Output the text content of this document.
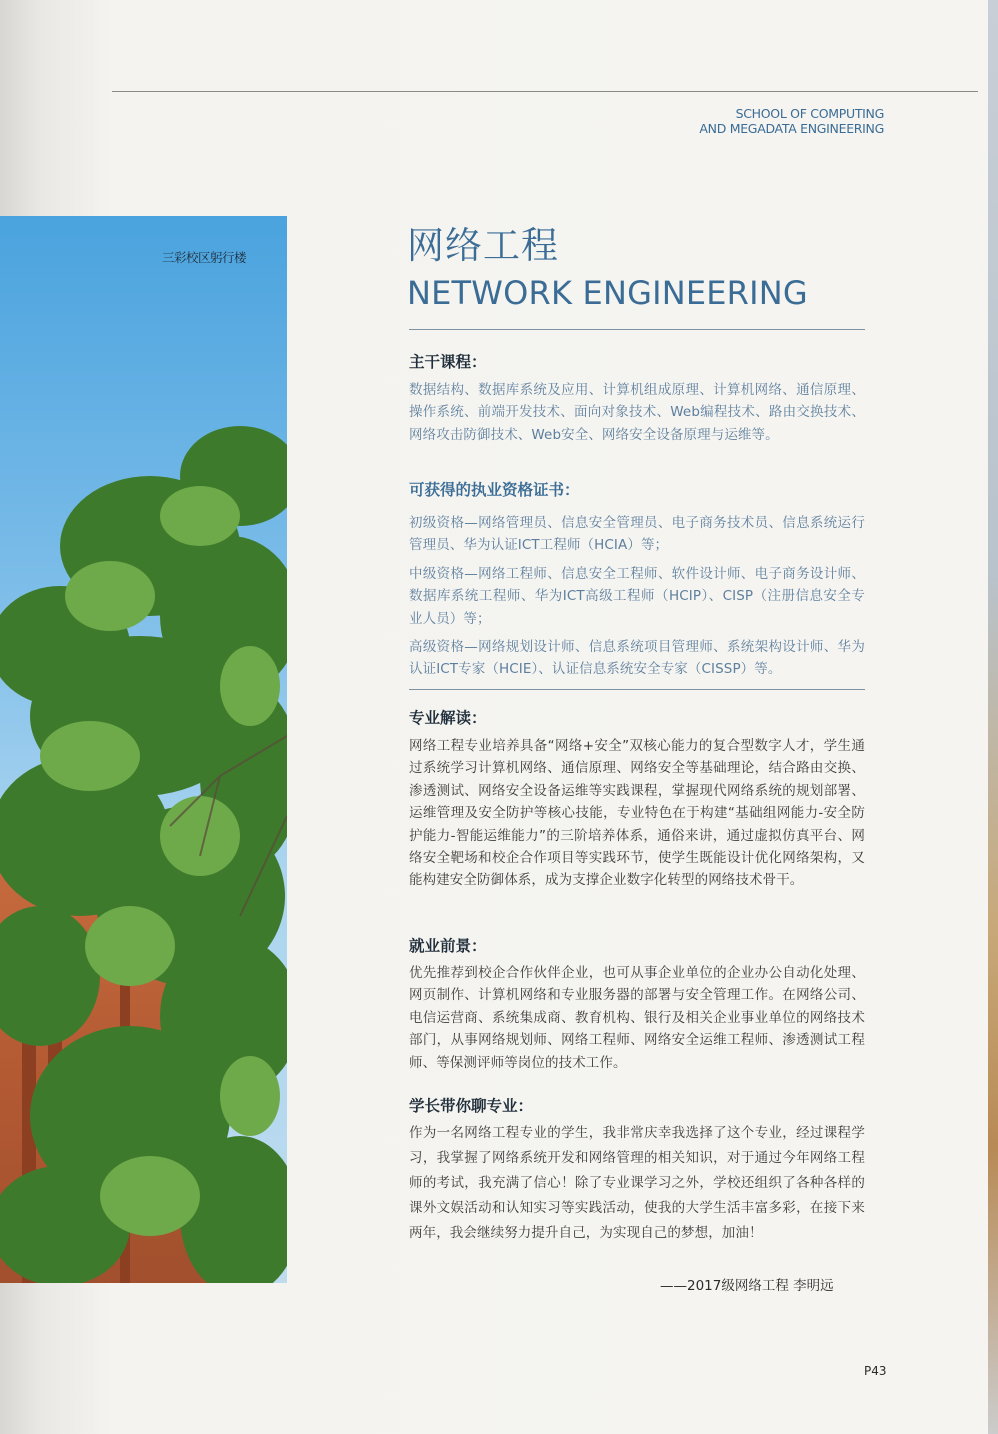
SCHOOL OF COMPUTING
AND MEGADATA ENGINEERING
三彩校区躬行楼	网络工程
NETWORK ENGINEERING
主干课程：
数据结构、数据库系统及应用、计算机组成原理、计算机网络、通信原理、操作系统、前端开发技术、面向对象技术、Web编程技术、路由交换技术、网络攻击防御技术、Web安全、网络安全设备原理与运维等。
可获得的执业资格证书：
初级资格—网络管理员、信息安全管理员、电子商务技术员、信息系统运行管理员、华为认证ICT工程师（HCIA）等；
中级资格—网络工程师、信息安全工程师、软件设计师、电子商务设计师、数据库系统工程师、华为ICT高级工程师（HCIP）、CISP（注册信息安全专业人员）等；
高级资格—网络规划设计师、信息系统项目管理师、系统架构设计师、华为认证ICT专家（HCIE）、认证信息系统安全专家（CISSP）等。
专业解读：
网络工程专业培养具备“网络+安全”双核心能力的复合型数字人才，学生通过系统学习计算机网络、通信原理、网络安全等基础理论，结合路由交换、渗透测试、网络安全设备运维等实践课程，掌握现代网络系统的规划部署、运维管理及安全防护等核心技能，专业特色在于构建“基础组网能力-安全防护能力-智能运维能力”的三阶培养体系，通俗来讲，通过虚拟仿真平台、网络安全靶场和校企合作项目等实践环节，使学生既能设计优化网络架构，又能构建安全防御体系，成为支撑企业数字化转型的网络技术骨干。
就业前景：
优先推荐到校企合作伙伴企业，也可从事企业单位的企业办公自动化处理、网页制作、计算机网络和专业服务器的部署与安全管理工作。在网络公司、电信运营商、系统集成商、教育机构、银行及相关企业事业单位的网络技术部门，从事网络规划师、网络工程师、网络安全运维工程师、渗透测试工程师、等保测评师等岗位的技术工作。
学长带你聊专业：
作为一名网络工程专业的学生，我非常庆幸我选择了这个专业，经过课程学习，我掌握了网络系统开发和网络管理的相关知识，对于通过今年网络工程师的考试，我充满了信心！除了专业课学习之外，学校还组织了各种各样的课外文娱活动和认知实习等实践活动，使我的大学生活丰富多彩，在接下来两年，我会继续努力提升自己，为实现自己的梦想，加油！
——2017级网络工程 李明远
P43
